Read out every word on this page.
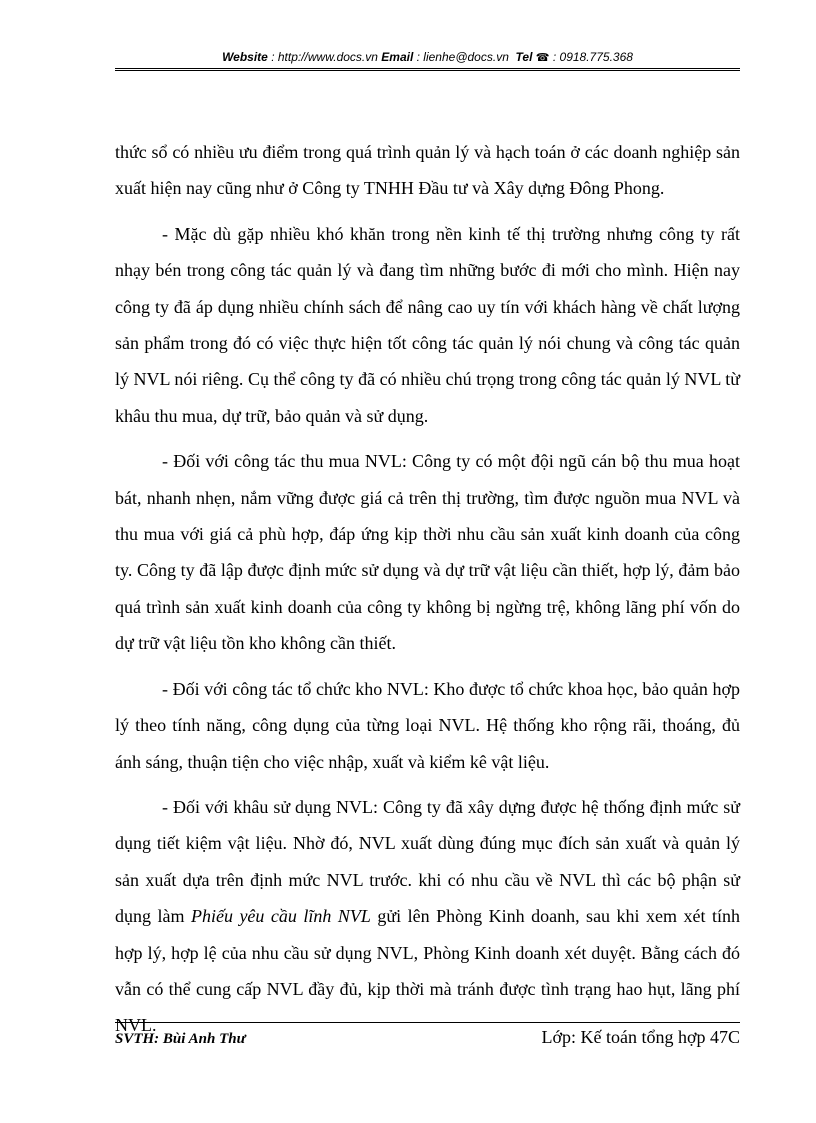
Website : http://www.docs.vn Email : lienhe@docs.vn Tel ☎ : 0918.775.368

thức sổ có nhiều ưu điểm trong quá trình quản lý và hạch toán ở các doanh nghiệp sản xuất hiện nay cũng như ở Công ty TNHH Đầu tư và Xây dựng Đông Phong.

- Mặc dù gặp nhiều khó khăn trong nền kinh tế thị trường nhưng công ty rất nhạy bén trong công tác quản lý và đang tìm những bước đi mới cho mình. Hiện nay công ty đã áp dụng nhiều chính sách để nâng cao uy tín với khách hàng về chất lượng sản phẩm trong đó có việc thực hiện tốt công tác quản lý nói chung và công tác quản lý NVL nói riêng. Cụ thể công ty đã có nhiều chú trọng trong công tác quản lý NVL từ khâu thu mua, dự trữ, bảo quản và sử dụng.

- Đối với công tác thu mua NVL: Công ty có một đội ngũ cán bộ thu mua hoạt bát, nhanh nhẹn, nắm vững được giá cả trên thị trường, tìm được nguồn mua NVL và thu mua với giá cả phù hợp, đáp ứng kịp thời nhu cầu sản xuất kinh doanh của công ty. Công ty đã lập được định mức sử dụng và dự trữ vật liệu cần thiết, hợp lý, đảm bảo quá trình sản xuất kinh doanh của công ty không bị ngừng trệ, không lãng phí vốn do dự trữ vật liệu tồn kho không cần thiết.

- Đối với công tác tổ chức kho NVL: Kho được tổ chức khoa học, bảo quản hợp lý theo tính năng, công dụng của từng loại NVL. Hệ thống kho rộng rãi, thoáng, đủ ánh sáng, thuận tiện cho việc nhập, xuất và kiểm kê vật liệu.

- Đối với khâu sử dụng NVL: Công ty đã xây dựng được hệ thống định mức sử dụng tiết kiệm vật liệu. Nhờ đó, NVL xuất dùng đúng mục đích sản xuất và quản lý sản xuất dựa trên định mức NVL trước. khi có nhu cầu về NVL thì các bộ phận sử dụng làm Phiếu yêu cầu lĩnh NVL gửi lên Phòng Kinh doanh, sau khi xem xét tính hợp lý, hợp lệ của nhu cầu sử dụng NVL, Phòng Kinh doanh xét duyệt. Bằng cách đó vẫn có thể cung cấp NVL đầy đủ, kịp thời mà tránh được tình trạng hao hụt, lãng phí NVL.

SVTH: Bùi Anh Thư	Lớp: Kế toán tổng hợp 47C
